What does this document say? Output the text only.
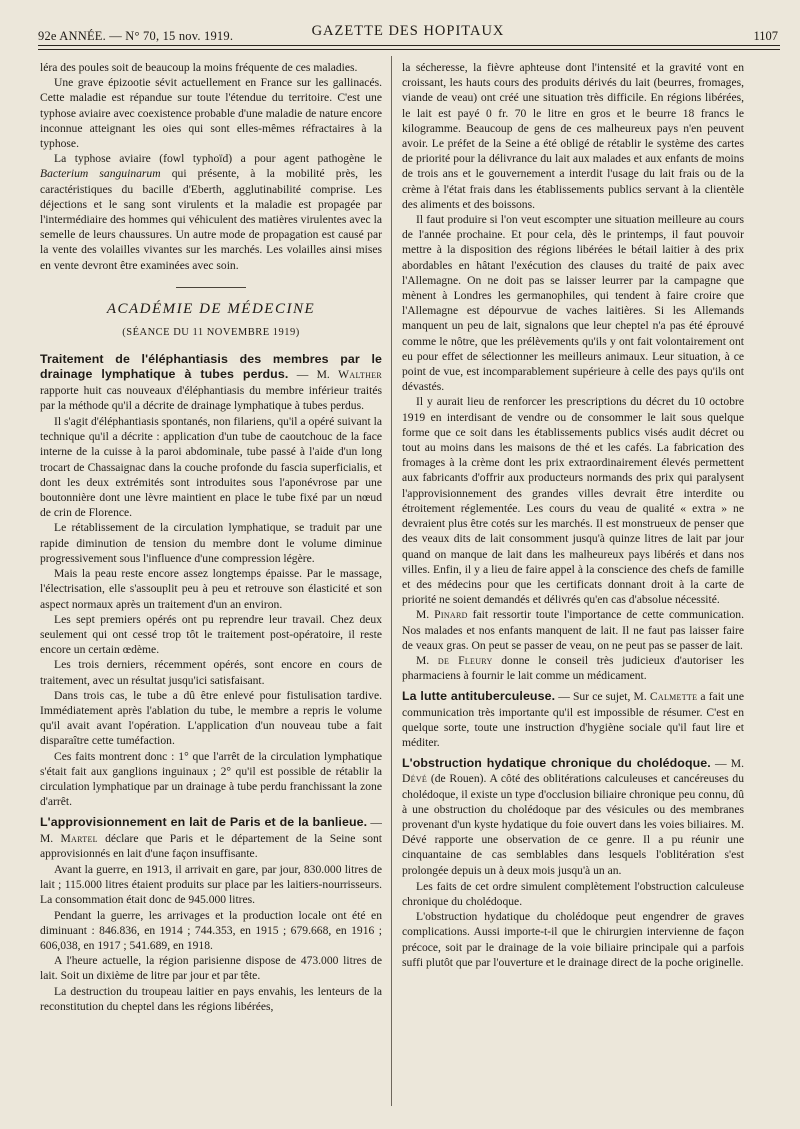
92e ANNÉE. — N° 70, 15 nov. 1919.	GAZETTE DES HOPITAUX	1107

léra des poules soit de beaucoup la moins fréquente de ces maladies.

Une grave épizootie sévit actuellement en France sur les gallinacés. Cette maladie est répandue sur toute l'étendue du territoire. C'est une typhose aviaire avec coexistence probable d'une maladie de nature encore inconnue atteignant les oies qui sont elles-mêmes réfractaires à la typhose.

La typhose aviaire (fowl typhoïd) a pour agent pathogène le Bacterium sanguinarum qui présente, à la mobilité près, les caractéristiques du bacille d'Eberth, agglutinabilité comprise. Les déjections et le sang sont virulents et la maladie est propagée par l'intermédiaire des hommes qui véhiculent des matières virulentes avec la semelle de leurs chaussures. Un autre mode de propagation est causé par la vente des volailles vivantes sur les marchés. Les volailles ainsi mises en vente devront être examinées avec soin.

ACADÉMIE DE MÉDECINE
(SÉANCE DU 11 NOVEMBRE 1919)

Traitement de l'éléphantiasis des membres par le drainage lymphatique à tubes perdus. — M. Walther rapporte huit cas nouveaux d'éléphantiasis du membre inférieur traités par la méthode qu'il a décrite de drainage lymphatique à tubes perdus.

Il s'agit d'éléphantiasis spontanés, non filariens, qu'il a opéré suivant la technique qu'il a décrite : application d'un tube de caoutchouc de la face interne de la cuisse à la paroi abdominale, tube passé à l'aide d'un long trocart de Chassaignac dans la couche profonde du fascia superficialis, et dont les deux extrémités sont introduites sous l'aponévrose par une boutonnière dont une lèvre maintient en place le tube fixé par un nœud de crin de Florence.

Le rétablissement de la circulation lymphatique, se traduit par une rapide diminution de tension du membre dont le volume diminue progressivement sous l'influence d'une compression légère.

Mais la peau reste encore assez longtemps épaisse. Par le massage, l'électrisation, elle s'assouplit peu à peu et retrouve son élasticité et son aspect normaux après un traitement d'un an environ.

Les sept premiers opérés ont pu reprendre leur travail. Chez deux seulement qui ont cessé trop tôt le traitement post-opératoire, il reste encore un certain œdème.

Les trois derniers, récemment opérés, sont encore en cours de traitement, avec un résultat jusqu'ici satisfaisant.

Dans trois cas, le tube a dû être enlevé pour fistulisation tardive. Immédiatement après l'ablation du tube, le membre a repris le volume qu'il avait avant l'opération. L'application d'un nouveau tube a fait disparaître cette tuméfaction.

Ces faits montrent donc : 1° que l'arrêt de la circulation lymphatique s'était fait aux ganglions inguinaux ; 2° qu'il est possible de rétablir la circulation lymphatique par un drainage à tube perdu franchissant la zone d'arrêt.

L'approvisionnement en lait de Paris et de la banlieue. — M. Martel déclare que Paris et le département de la Seine sont approvisionnés en lait d'une façon insuffisante.

Avant la guerre, en 1913, il arrivait en gare, par jour, 830.000 litres de lait ; 115.000 litres étaient produits sur place par les laitiers-nourrisseurs. La consommation était donc de 945.000 litres.

Pendant la guerre, les arrivages et la production locale ont été en diminuant : 846.836, en 1914 ; 744.353, en 1915 ; 679.668, en 1916 ; 606,038, en 1917 ; 541.689, en 1918.

A l'heure actuelle, la région parisienne dispose de 473.000 litres de lait. Soit un dixième de litre par jour et par tête.

La destruction du troupeau laitier en pays envahis, les lenteurs de la reconstitution du cheptel dans les régions libérées,

la sécheresse, la fièvre aphteuse dont l'intensité et la gravité vont en croissant, les hauts cours des produits dérivés du lait (beurres, fromages, viande de veau) ont créé une situation très difficile. En régions libérées, le lait est payé 0 fr. 70 le litre en gros et le beurre 18 francs le kilogramme. Beaucoup de gens de ces malheureux pays n'en peuvent avoir. Le préfet de la Seine a été obligé de rétablir le système des cartes de priorité pour la délivrance du lait aux malades et aux enfants de moins de trois ans et le gouvernement a interdit l'usage du lait frais ou de la crème à l'état frais dans les établissements publics servant à la clientèle des aliments et des boissons.

Il faut produire si l'on veut escompter une situation meilleure au cours de l'année prochaine. Et pour cela, dès le printemps, il faut pouvoir mettre à la disposition des régions libérées le bétail laitier à des prix abordables en hâtant l'exécution des clauses du traité de paix avec l'Allemagne. On ne doit pas se laisser leurrer par la campagne que mènent à Londres les germanophiles, qui tendent à faire croire que l'Allemagne est dépourvue de vaches laitières. Si les Allemands manquent un peu de lait, signalons que leur cheptel n'a pas été éprouvé comme le nôtre, que les prélèvements qu'ils y ont fait volontairement ont eu pour effet de sélectionner les meilleurs animaux. Leur situation, à ce point de vue, est incomparablement supérieure à celle des pays qu'ils ont dévastés.

Il y aurait lieu de renforcer les prescriptions du décret du 10 octobre 1919 en interdisant de vendre ou de consommer le lait sous quelque forme que ce soit dans les établissements publics visés audit décret ou tout au moins dans les maisons de thé et les cafés. La fabrication des fromages à la crème dont les prix extraordinairement élevés permettent aux fabricants d'offrir aux producteurs normands des prix qui paralysent l'approvisionnement des grandes villes devrait être interdite ou étroitement réglementée. Les cours du veau de qualité « extra » ne devraient plus être cotés sur les marchés. Il est monstrueux de penser que des veaux dits de lait consomment jusqu'à quinze litres de lait par jour quand on manque de lait dans les malheureux pays libérés et dans nos villes. Enfin, il y a lieu de faire appel à la conscience des chefs de famille et des médecins pour que les certificats donnant droit à la carte de priorité ne soient demandés et délivrés qu'en cas d'absolue nécessité.

M. Pinard fait ressortir toute l'importance de cette communication. Nos malades et nos enfants manquent de lait. Il ne faut pas laisser faire de veaux gras. On peut se passer de veau, on ne peut pas se passer de lait.

M. de Fleury donne le conseil très judicieux d'autoriser les pharmaciens à fournir le lait comme un médicament.

La lutte antituberculeuse. — Sur ce sujet, M. Calmette a fait une communication très importante qu'il est impossible de résumer. C'est en quelque sorte, toute une instruction d'hygiène sociale qu'il faut lire et méditer.

L'obstruction hydatique chronique du cholédoque. — M. Dévé (de Rouen). A côté des oblitérations calculeuses et cancéreuses du cholédoque, il existe un type d'occlusion biliaire chronique peu connu, dû à une obstruction du cholédoque par des vésicules ou des membranes provenant d'un kyste hydatique du foie ouvert dans les voies biliaires. M. Dévé rapporte une observation de ce genre. Il a pu réunir une cinquantaine de cas semblables dans lesquels l'oblitération s'est prolongée depuis un à deux mois jusqu'à un an.

Les faits de cet ordre simulent complètement l'obstruction calculeuse chronique du cholédoque.

L'obstruction hydatique du cholédoque peut engendrer de graves complications. Aussi importe-t-il que le chirurgien intervienne de façon précoce, soit par le drainage de la voie biliaire principale qui a parfois suffi plutôt que par l'ouverture et le drainage direct de la poche originelle.
